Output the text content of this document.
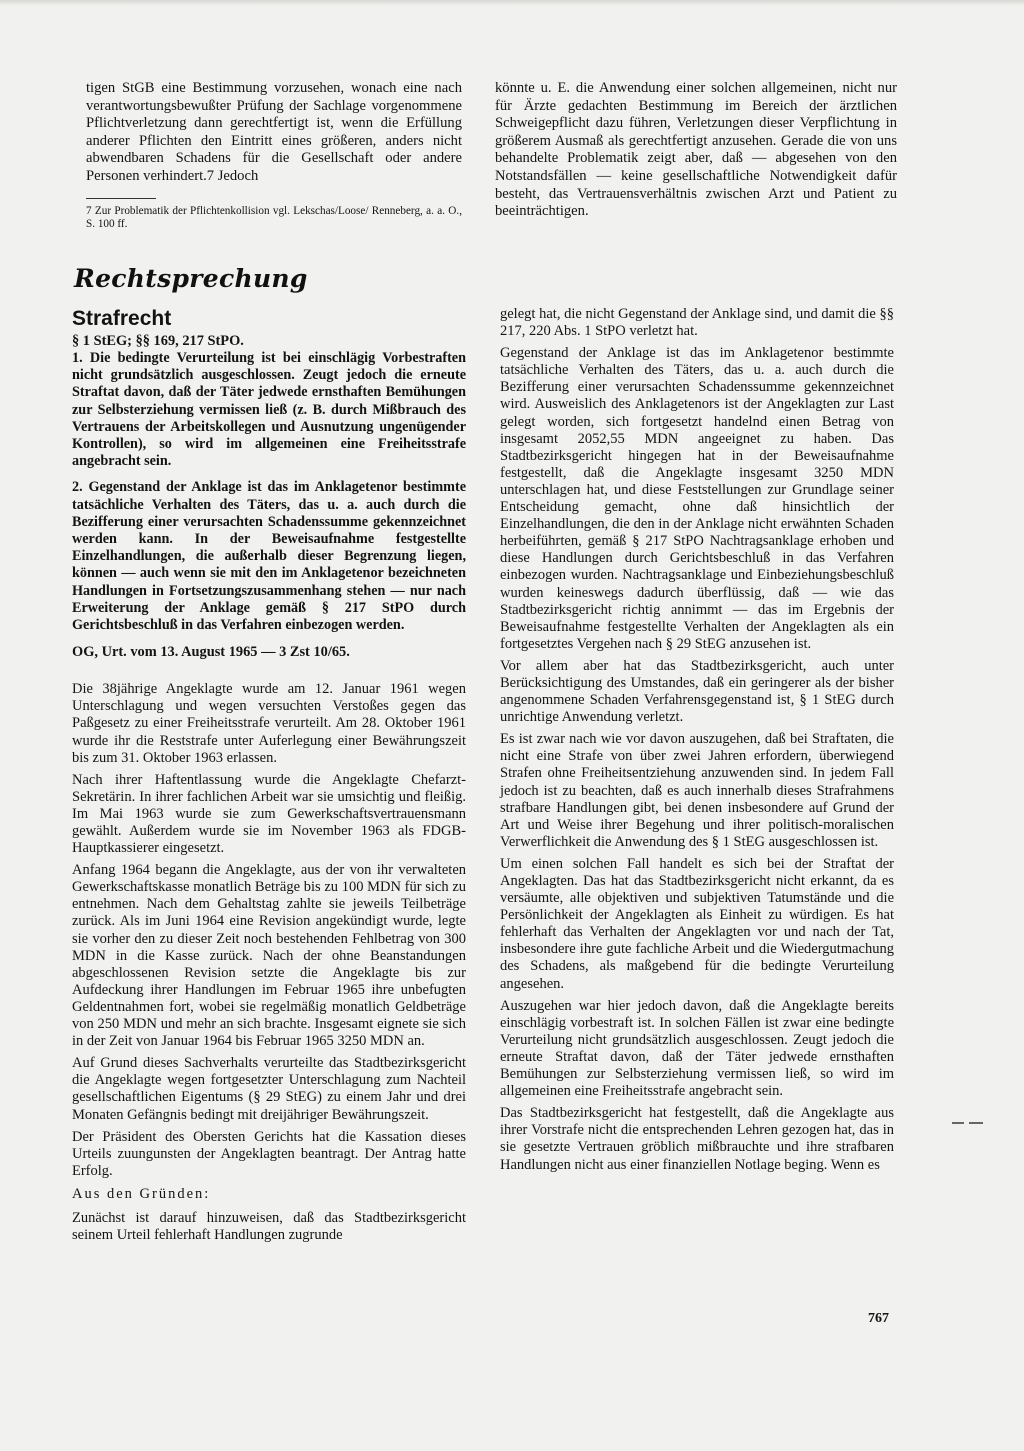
tigen StGB eine Bestimmung vorzusehen, wonach eine nach verantwortungsbewußter Prüfung der Sachlage vorgenommene Pflichtverletzung dann gerechtfertigt ist, wenn die Erfüllung anderer Pflichten den Eintritt eines größeren, anders nicht abwendbaren Schadens für die Gesellschaft oder andere Personen verhindert.7 Jedoch

7 Zur Problematik der Pflichtenkollision vgl. Lekschas/Loose/ Renneberg, a. a. O., S. 100 ff.

könnte u. E. die Anwendung einer solchen allgemeinen, nicht nur für Ärzte gedachten Bestimmung im Bereich der ärztlichen Schweigepflicht dazu führen, Verletzungen dieser Verpflichtung in größerem Ausmaß als gerechtfertigt anzusehen. Gerade die von uns behandelte Problematik zeigt aber, daß — abgesehen von den Notstandsfällen — keine gesellschaftliche Notwendigkeit dafür besteht, das Vertrauensverhältnis zwischen Arzt und Patient zu beeinträchtigen.

Rechtsprechung

Strafrecht

§ 1 StEG; §§ 169, 217 StPO.

1. Die bedingte Verurteilung ist bei einschlägig Vorbestraften nicht grundsätzlich ausgeschlossen. Zeugt jedoch die erneute Straftat davon, daß der Täter jedwede ernsthaften Bemühungen zur Selbsterziehung vermissen ließ (z. B. durch Mißbrauch des Vertrauens der Arbeitskollegen und Ausnutzung ungenügender Kontrollen), so wird im allgemeinen eine Freiheitsstrafe angebracht sein.

2. Gegenstand der Anklage ist das im Anklagetenor bestimmte tatsächliche Verhalten des Täters, das u. a. auch durch die Bezifferung einer verursachten Schadenssumme gekennzeichnet werden kann. In der Beweisaufnahme festgestellte Einzelhandlungen, die außerhalb dieser Begrenzung liegen, können — auch wenn sie mit den im Anklagetenor bezeichneten Handlungen in Fortsetzungszusammenhang stehen — nur nach Erweiterung der Anklage gemäß § 217 StPO durch Gerichtsbeschluß in das Verfahren einbezogen werden.

OG, Urt. vom 13. August 1965 — 3 Zst 10/65.

Die 38jährige Angeklagte wurde am 12. Januar 1961 wegen Unterschlagung und wegen versuchten Verstoßes gegen das Paßgesetz zu einer Freiheitsstrafe verurteilt. Am 28. Oktober 1961 wurde ihr die Reststrafe unter Auferlegung einer Bewährungszeit bis zum 31. Oktober 1963 erlassen.

Nach ihrer Haftentlassung wurde die Angeklagte Chefarzt-Sekretärin. In ihrer fachlichen Arbeit war sie umsichtig und fleißig. Im Mai 1963 wurde sie zum Gewerkschaftsvertrauensmann gewählt. Außerdem wurde sie im November 1963 als FDGB-Hauptkassierer eingesetzt.

Anfang 1964 begann die Angeklagte, aus der von ihr verwalteten Gewerkschaftskasse monatlich Beträge bis zu 100 MDN für sich zu entnehmen. Nach dem Gehaltstag zahlte sie jeweils Teilbeträge zurück. Als im Juni 1964 eine Revision angekündigt wurde, legte sie vorher den zu dieser Zeit noch bestehenden Fehlbetrag von 300 MDN in die Kasse zurück. Nach der ohne Beanstandungen abgeschlossenen Revision setzte die Angeklagte bis zur Aufdeckung ihrer Handlungen im Februar 1965 ihre unbefugten Geldentnahmen fort, wobei sie regelmäßig monatlich Geldbeträge von 250 MDN und mehr an sich brachte. Insgesamt eignete sie sich in der Zeit von Januar 1964 bis Februar 1965 3250 MDN an.

Auf Grund dieses Sachverhalts verurteilte das Stadtbezirksgericht die Angeklagte wegen fortgesetzter Unterschlagung zum Nachteil gesellschaftlichen Eigentums (§ 29 StEG) zu einem Jahr und drei Monaten Gefängnis bedingt mit dreijähriger Bewährungszeit.

Der Präsident des Obersten Gerichts hat die Kassation dieses Urteils zuungunsten der Angeklagten beantragt. Der Antrag hatte Erfolg.

Aus den Gründen:

Zunächst ist darauf hinzuweisen, daß das Stadtbezirksgericht seinem Urteil fehlerhaft Handlungen zugrunde

gelegt hat, die nicht Gegenstand der Anklage sind, und damit die §§ 217, 220 Abs. 1 StPO verletzt hat.

Gegenstand der Anklage ist das im Anklagetenor bestimmte tatsächliche Verhalten des Täters, das u. a. auch durch die Bezifferung einer verursachten Schadenssumme gekennzeichnet wird. Ausweislich des Anklagetenors ist der Angeklagten zur Last gelegt worden, sich fortgesetzt handelnd einen Betrag von insgesamt 2052,55 MDN angeeignet zu haben. Das Stadtbezirksgericht hingegen hat in der Beweisaufnahme festgestellt, daß die Angeklagte insgesamt 3250 MDN unterschlagen hat, und diese Feststellungen zur Grundlage seiner Entscheidung gemacht, ohne daß hinsichtlich der Einzelhandlungen, die den in der Anklage nicht erwähnten Schaden herbeiführten, gemäß § 217 StPO Nachtragsanklage erhoben und diese Handlungen durch Gerichtsbeschluß in das Verfahren einbezogen wurden. Nachtragsanklage und Einbeziehungsbeschluß wurden keineswegs dadurch überflüssig, daß — wie das Stadtbezirksgericht richtig annimmt — das im Ergebnis der Beweisaufnahme festgestellte Verhalten der Angeklagten als ein fortgesetztes Vergehen nach § 29 StEG anzusehen ist.

Vor allem aber hat das Stadtbezirksgericht, auch unter Berücksichtigung des Umstandes, daß ein geringerer als der bisher angenommene Schaden Verfahrensgegenstand ist, § 1 StEG durch unrichtige Anwendung verletzt.

Es ist zwar nach wie vor davon auszugehen, daß bei Straftaten, die nicht eine Strafe von über zwei Jahren erfordern, überwiegend Strafen ohne Freiheitsentziehung anzuwenden sind. In jedem Fall jedoch ist zu beachten, daß es auch innerhalb dieses Strafrahmens strafbare Handlungen gibt, bei denen insbesondere auf Grund der Art und Weise ihrer Begehung und ihrer politisch-moralischen Verwerflichkeit die Anwendung des § 1 StEG ausgeschlossen ist.

Um einen solchen Fall handelt es sich bei der Straftat der Angeklagten. Das hat das Stadtbezirksgericht nicht erkannt, da es versäumte, alle objektiven und subjektiven Tatumstände und die Persönlichkeit der Angeklagten als Einheit zu würdigen. Es hat fehlerhaft das Verhalten der Angeklagten vor und nach der Tat, insbesondere ihre gute fachliche Arbeit und die Wiedergutmachung des Schadens, als maßgebend für die bedingte Verurteilung angesehen.

Auszugehen war hier jedoch davon, daß die Angeklagte bereits einschlägig vorbestraft ist. In solchen Fällen ist zwar eine bedingte Verurteilung nicht grundsätzlich ausgeschlossen. Zeugt jedoch die erneute Straftat davon, daß der Täter jedwede ernsthaften Bemühungen zur Selbsterziehung vermissen ließ, so wird im allgemeinen eine Freiheitsstrafe angebracht sein.

Das Stadtbezirksgericht hat festgestellt, daß die Angeklagte aus ihrer Vorstrafe nicht die entsprechenden Lehren gezogen hat, das in sie gesetzte Vertrauen gröblich mißbrauchte und ihre strafbaren Handlungen nicht aus einer finanziellen Notlage beging. Wenn es

767
